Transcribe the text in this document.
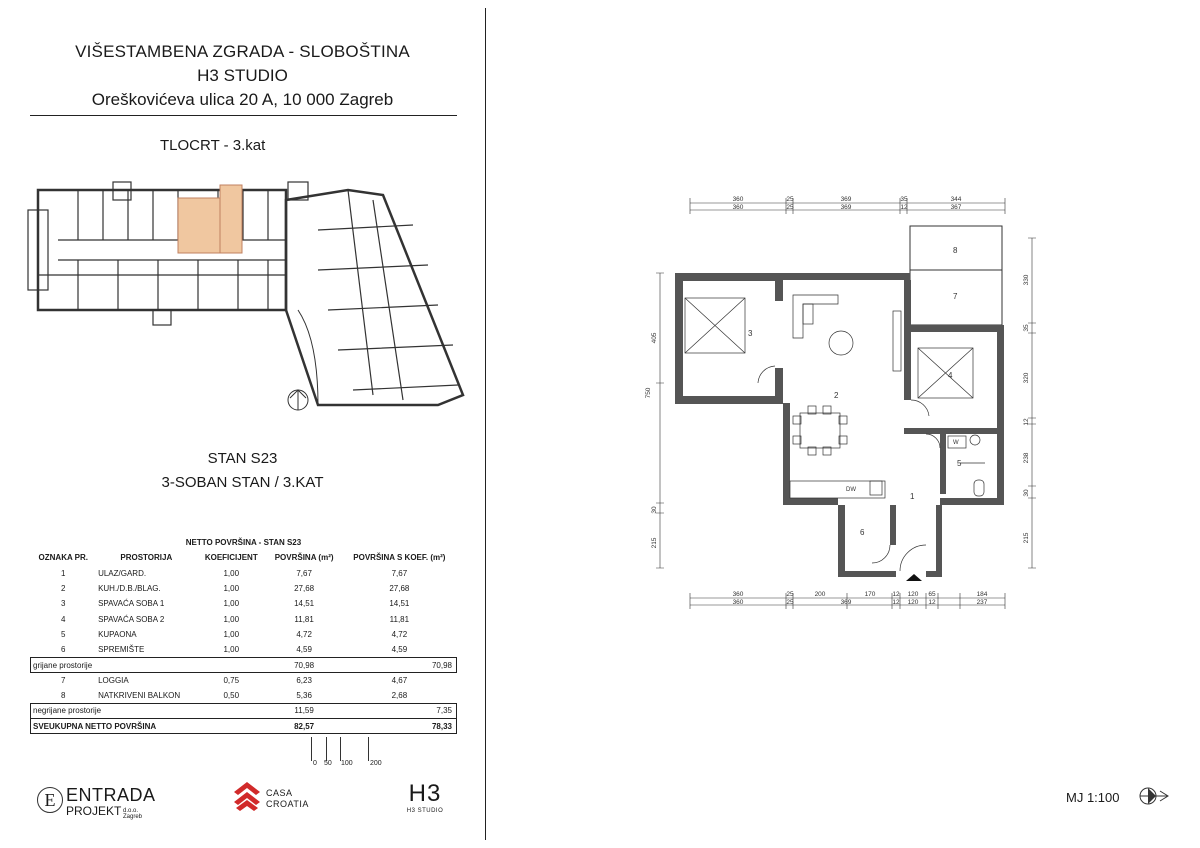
VIŠESTAMBENA ZGRADA - SLOBOŠTINA
H3 STUDIO
Oreškovićeva ulica 20 A, 10 000 Zagreb
TLOCRT - 3.kat
STAN S23
3-SOBAN STAN / 3.KAT
NETTO POVRŠINA - STAN S23				
OZNAKA PR.	PROSTORIJA	KOEFICIJENT	POVRŠINA (m²)	POVRŠINA S KOEF. (m²)
1	ULAZ/GARD.	1,00	7,67	7,67
2	KUH./D.B./BLAG.	1,00	27,68	27,68
3	SPAVAĆA SOBA 1	1,00	14,51	14,51
4	SPAVAĆA SOBA 2	1,00	11,81	11,81
5	KUPAONA	1,00	4,72	4,72
6	SPREMIŠTE	1,00	4,59	4,59
grijane prostorije			70,98	70,98
7	LOGGIA	0,75	6,23	4,67
8	NATKRIVENI BALKON	0,50	5,36	2,68
negrijane prostorije			11,59	7,35
SVEUKUPNA NETTO POVRŠINA			82,57	78,33
0 50 100 200
E ENTRADA
PROJEKT d.o.o. Zagreb
CASA
CROATIA	H3
H3 STUDIO
360	25	369	35	344
360	25	369	12	367
360	25	200	170	12 120 65	184
360	25	369	12 120 12	237
405
750
30
215
330
35
320
12
238
30
215
W
DW
1
2
3
4
5
6
7
8
MJ 1:100
